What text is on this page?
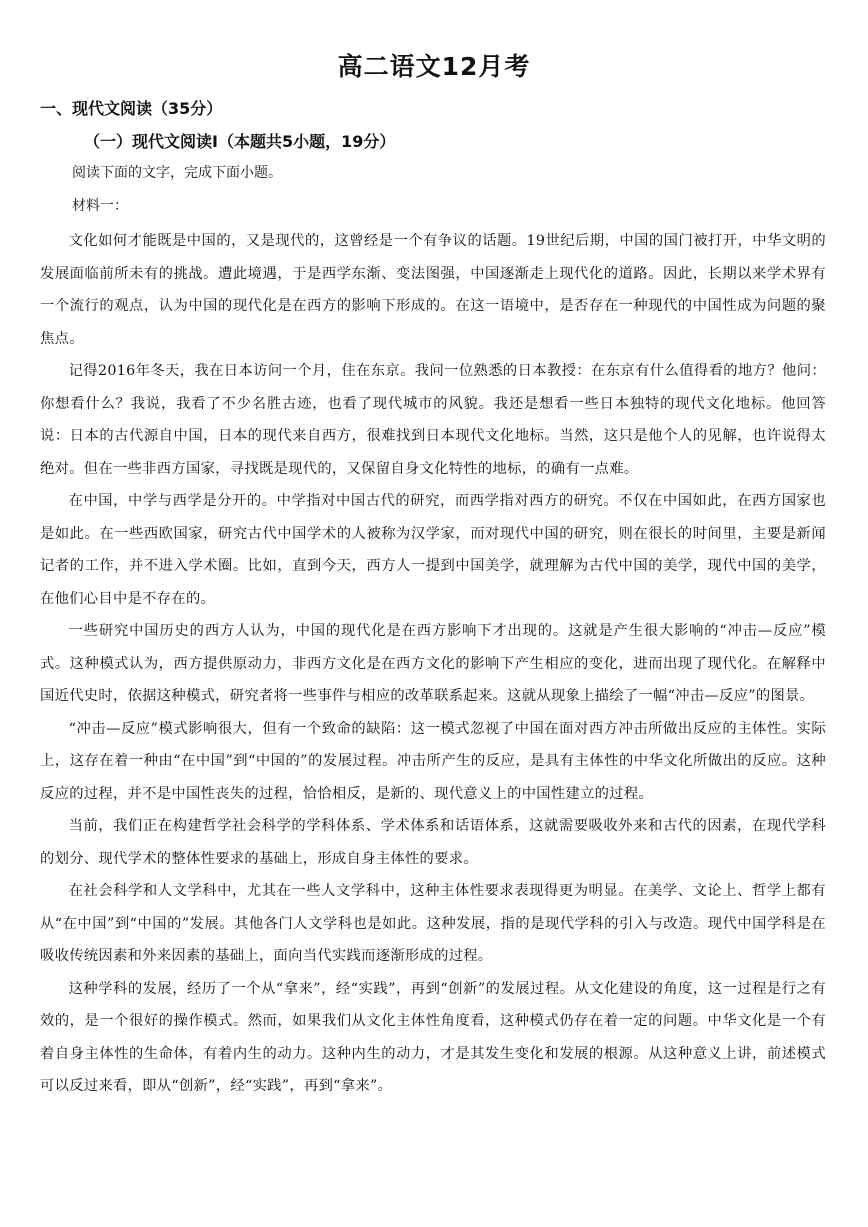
高二语文12月考
一、现代文阅读（35分）
（一）现代文阅读Ⅰ（本题共5小题，19分）
阅读下面的文字，完成下面小题。
材料一：

文化如何才能既是中国的，又是现代的，这曾经是一个有争议的话题。19世纪后期，中国的国门被打开，中华文明的发展面临前所未有的挑战。遭此境遇，于是西学东渐、变法图强，中国逐渐走上现代化的道路。因此，长期以来学术界有一个流行的观点，认为中国的现代化是在西方的影响下形成的。在这一语境中，是否存在一种现代的中国性成为问题的聚焦点。

记得2016年冬天，我在日本访问一个月，住在东京。我问一位熟悉的日本教授：在东京有什么值得看的地方？他问：你想看什么？我说，我看了不少名胜古迹，也看了现代城市的风貌。我还是想看一些日本独特的现代文化地标。他回答说：日本的古代源自中国，日本的现代来自西方，很难找到日本现代文化地标。当然，这只是他个人的见解，也许说得太绝对。但在一些非西方国家，寻找既是现代的，又保留自身文化特性的地标，的确有一点难。

在中国，中学与西学是分开的。中学指对中国古代的研究，而西学指对西方的研究。不仅在中国如此，在西方国家也是如此。在一些西欧国家，研究古代中国学术的人被称为汉学家，而对现代中国的研究，则在很长的时间里，主要是新闻记者的工作，并不进入学术圈。比如，直到今天，西方人一提到中国美学，就理解为古代中国的美学，现代中国的美学，在他们心目中是不存在的。

一些研究中国历史的西方人认为，中国的现代化是在西方影响下才出现的。这就是产生很大影响的“冲击—反应”模式。这种模式认为，西方提供原动力，非西方文化是在西方文化的影响下产生相应的变化，进而出现了现代化。在解释中国近代史时，依据这种模式，研究者将一些事件与相应的改革联系起来。这就从现象上描绘了一幅“冲击—反应”的图景。

“冲击—反应”模式影响很大，但有一个致命的缺陷：这一模式忽视了中国在面对西方冲击所做出反应的主体性。实际上，这存在着一种由“在中国”到“中国的”的发展过程。冲击所产生的反应，是具有主体性的中华文化所做出的反应。这种反应的过程，并不是中国性丧失的过程，恰恰相反，是新的、现代意义上的中国性建立的过程。

当前，我们正在构建哲学社会科学的学科体系、学术体系和话语体系，这就需要吸收外来和古代的因素，在现代学科的划分、现代学术的整体性要求的基础上，形成自身主体性的要求。

在社会科学和人文学科中，尤其在一些人文学科中，这种主体性要求表现得更为明显。在美学、文论上、哲学上都有从“在中国”到“中国的”发展。其他各门人文学科也是如此。这种发展，指的是现代学科的引入与改造。现代中国学科是在吸收传统因素和外来因素的基础上，面向当代实践而逐渐形成的过程。

这种学科的发展，经历了一个从“拿来”，经“实践”，再到“创新”的发展过程。从文化建设的角度，这一过程是行之有效的，是一个很好的操作模式。然而，如果我们从文化主体性角度看，这种模式仍存在着一定的问题。中华文化是一个有着自身主体性的生命体，有着内生的动力。这种内生的动力，才是其发生变化和发展的根源。从这种意义上讲，前述模式可以反过来看，即从“创新”，经“实践”，再到“拿来”。
